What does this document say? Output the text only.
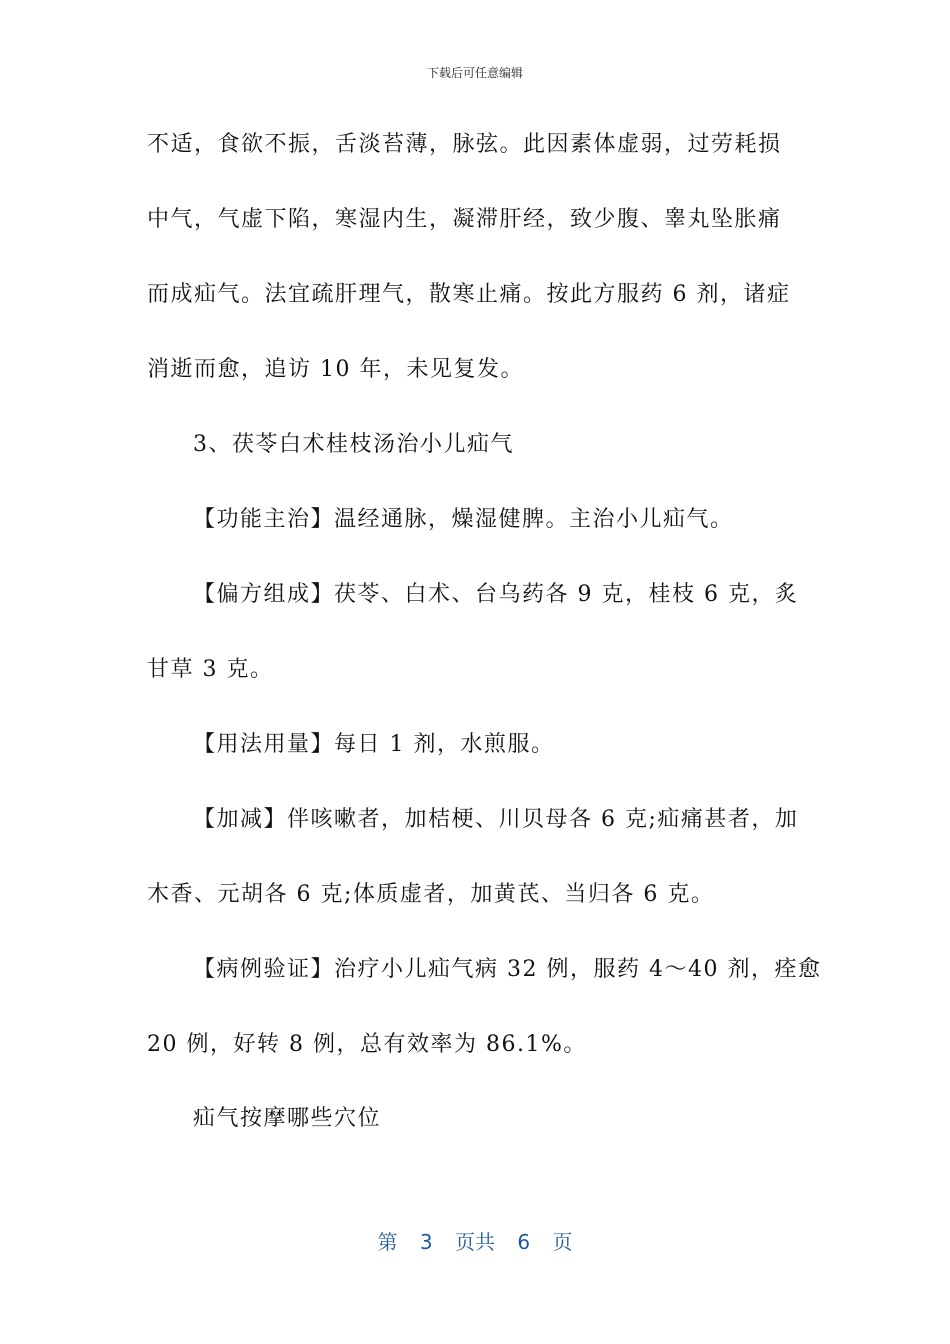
下载后可任意编辑
不适，食欲不振，舌淡苔薄，脉弦。此因素体虚弱，过劳耗损
中气，气虚下陷，寒湿内生，凝滞肝经，致少腹、睾丸坠胀痛
而成疝气。法宜疏肝理气，散寒止痛。按此方服药 6 剂，诸症
消逝而愈，追访 10 年，未见复发。
3、茯苓白术桂枝汤治小儿疝气
【功能主治】温经通脉，燥湿健脾。主治小儿疝气。
【偏方组成】茯苓、白术、台乌药各 9 克，桂枝 6 克，炙
甘草 3 克。
【用法用量】每日 1 剂，水煎服。
【加减】伴咳嗽者，加桔梗、川贝母各 6 克;疝痛甚者，加
木香、元胡各 6 克;体质虚者，加黄芪、当归各 6 克。
【病例验证】治疗小儿疝气病 32 例，服药 4～40 剂，痊愈
20 例，好转 8 例，总有效率为 86.1%。
疝气按摩哪些穴位
第 3 页共 6 页
